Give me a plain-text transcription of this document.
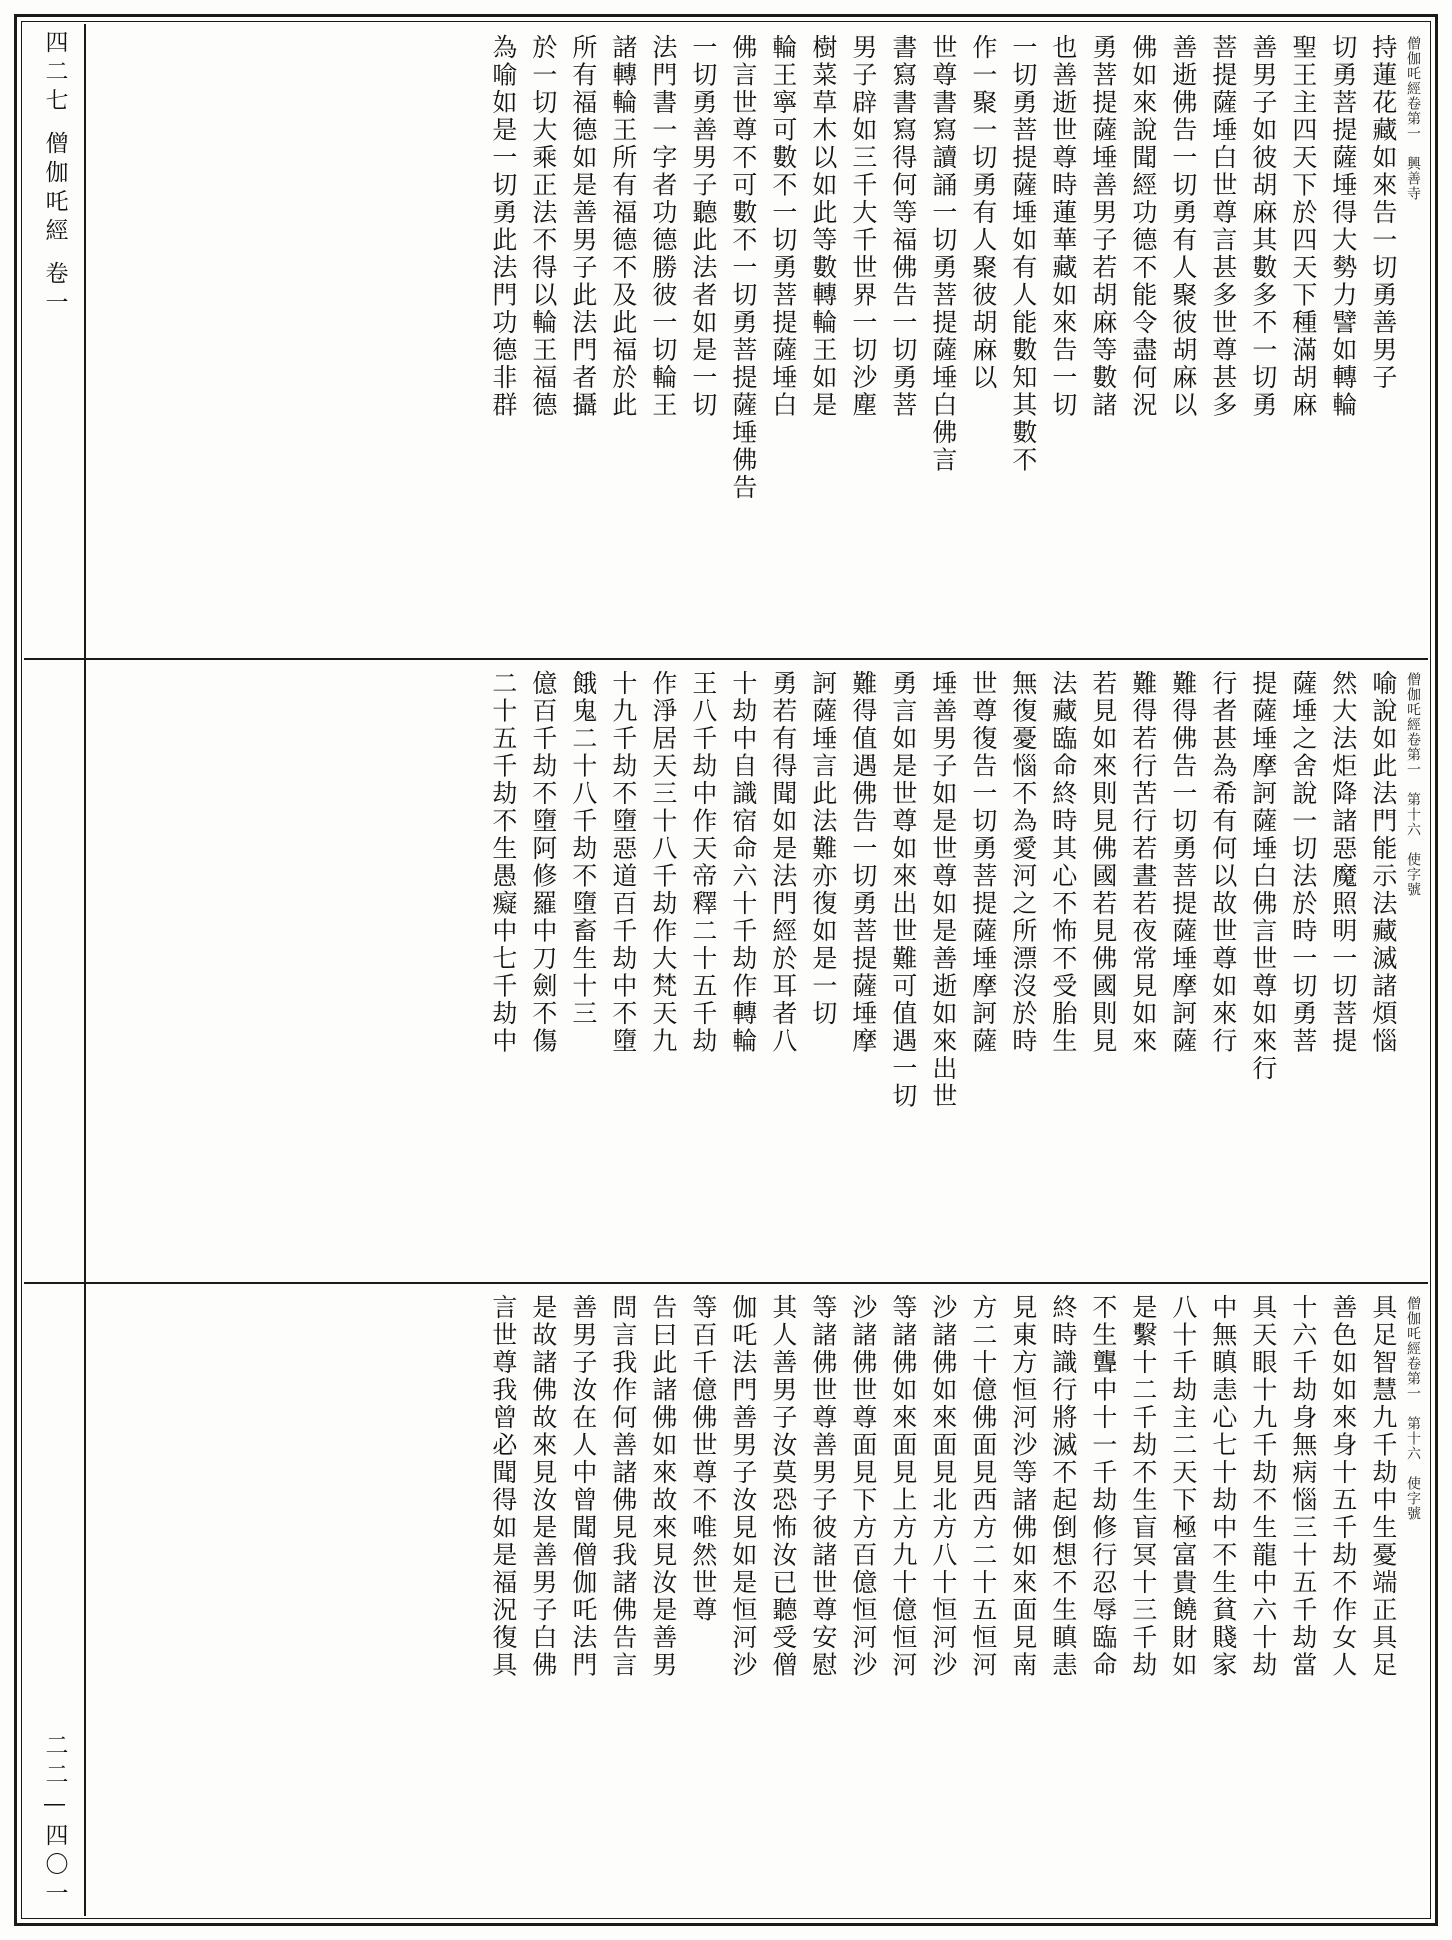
四二七
僧伽吒經
卷一
僧伽吒經卷第一　興善寺
持蓮花藏如來告一切勇善男子
切勇菩提薩埵得大勢力譬如轉輪
聖王主四天下於四天下種滿胡麻
善男子如彼胡麻其數多不一切勇
菩提薩埵白世尊言甚多世尊甚多
善逝佛告一切勇有人聚彼胡麻以
佛如來說聞經功德不能令盡何況
勇菩提薩埵善男子若胡麻等數諸
也善逝世尊時蓮華藏如來告一切
一切勇菩提薩埵如有人能數知其數不
作一聚一切勇有人聚彼胡麻以
世尊書寫讀誦一切勇菩提薩埵白佛言
書寫書寫得何等福佛告一切勇菩
男子辟如三千大千世界一切沙塵
樹菜草木以如此等數轉輪王如是
輪王寧可數不一切勇菩提薩埵白
佛言世尊不可數不一切勇菩提薩埵佛告
一切勇善男子聽此法者如是一切
法門書一字者功德勝彼一切輪王
諸轉輪王所有福德不及此福於此
所有福德如是善男子此法門者攝
於一切大乘正法不得以輪王福德
為喻如是一切勇此法門功德非群
僧伽吒經卷第一　第十六　使字號
喻說如此法門能示法藏滅諸煩惱
然大法炬降諸惡魔照明一切菩提
薩埵之舍說一切法於時一切勇菩
提薩埵摩訶薩埵白佛言世尊如來行
行者甚為希有何以故世尊如來行
難得佛告一切勇菩提薩埵摩訶薩
難得若行苦行若晝若夜常見如來
若見如來則見佛國若見佛國則見
法藏臨命終時其心不怖不受胎生
無復憂惱不為愛河之所漂沒於時
世尊復告一切勇菩提薩埵摩訶薩
埵善男子如是世尊如是善逝如來出世
勇言如是世尊如來出世難可值遇一切
難得值遇佛告一切勇菩提薩埵摩
訶薩埵言此法難亦復如是一切
勇若有得聞如是法門經於耳者八
十劫中自識宿命六十千劫作轉輪
王八千劫中作天帝釋二十五千劫
作淨居天三十八千劫作大梵天九
十九千劫不墮惡道百千劫中不墮
餓鬼二十八千劫不墮畜生十三
億百千劫不墮阿修羅中刀劍不傷
二十五千劫不生愚癡中七千劫中
二二—四〇一
僧伽吒經卷第一　第十六　使字號
具足智慧九千劫中生憂端正具足
善色如如來身十五千劫不作女人
十六千劫身無病惱三十五千劫當
具天眼十九千劫不生龍中六十劫
中無瞋恚心七十劫中不生貧賤家
八十千劫主二天下極富貴饒財如
是繫十二千劫不生盲冥十三千劫
不生聾中十一千劫修行忍辱臨命
終時識行將滅不起倒想不生瞋恚
見東方恒河沙等諸佛如來面見南
方二十億佛面見西方二十五恒河
沙諸佛如來面見北方八十恒河沙
等諸佛如來面見上方九十億恒河
沙諸佛世尊面見下方百億恒河沙
等諸佛世尊善男子彼諸世尊安慰
其人善男子汝莫恐怖汝已聽受僧
伽吒法門善男子汝見如是恒河沙
等百千億佛世尊不唯然世尊
告曰此諸佛如來故來見汝是善男
問言我作何善諸佛見我諸佛告言
善男子汝在人中曾聞僧伽吒法門
是故諸佛故來見汝是善男子白佛
言世尊我曾必聞得如是福況復具
